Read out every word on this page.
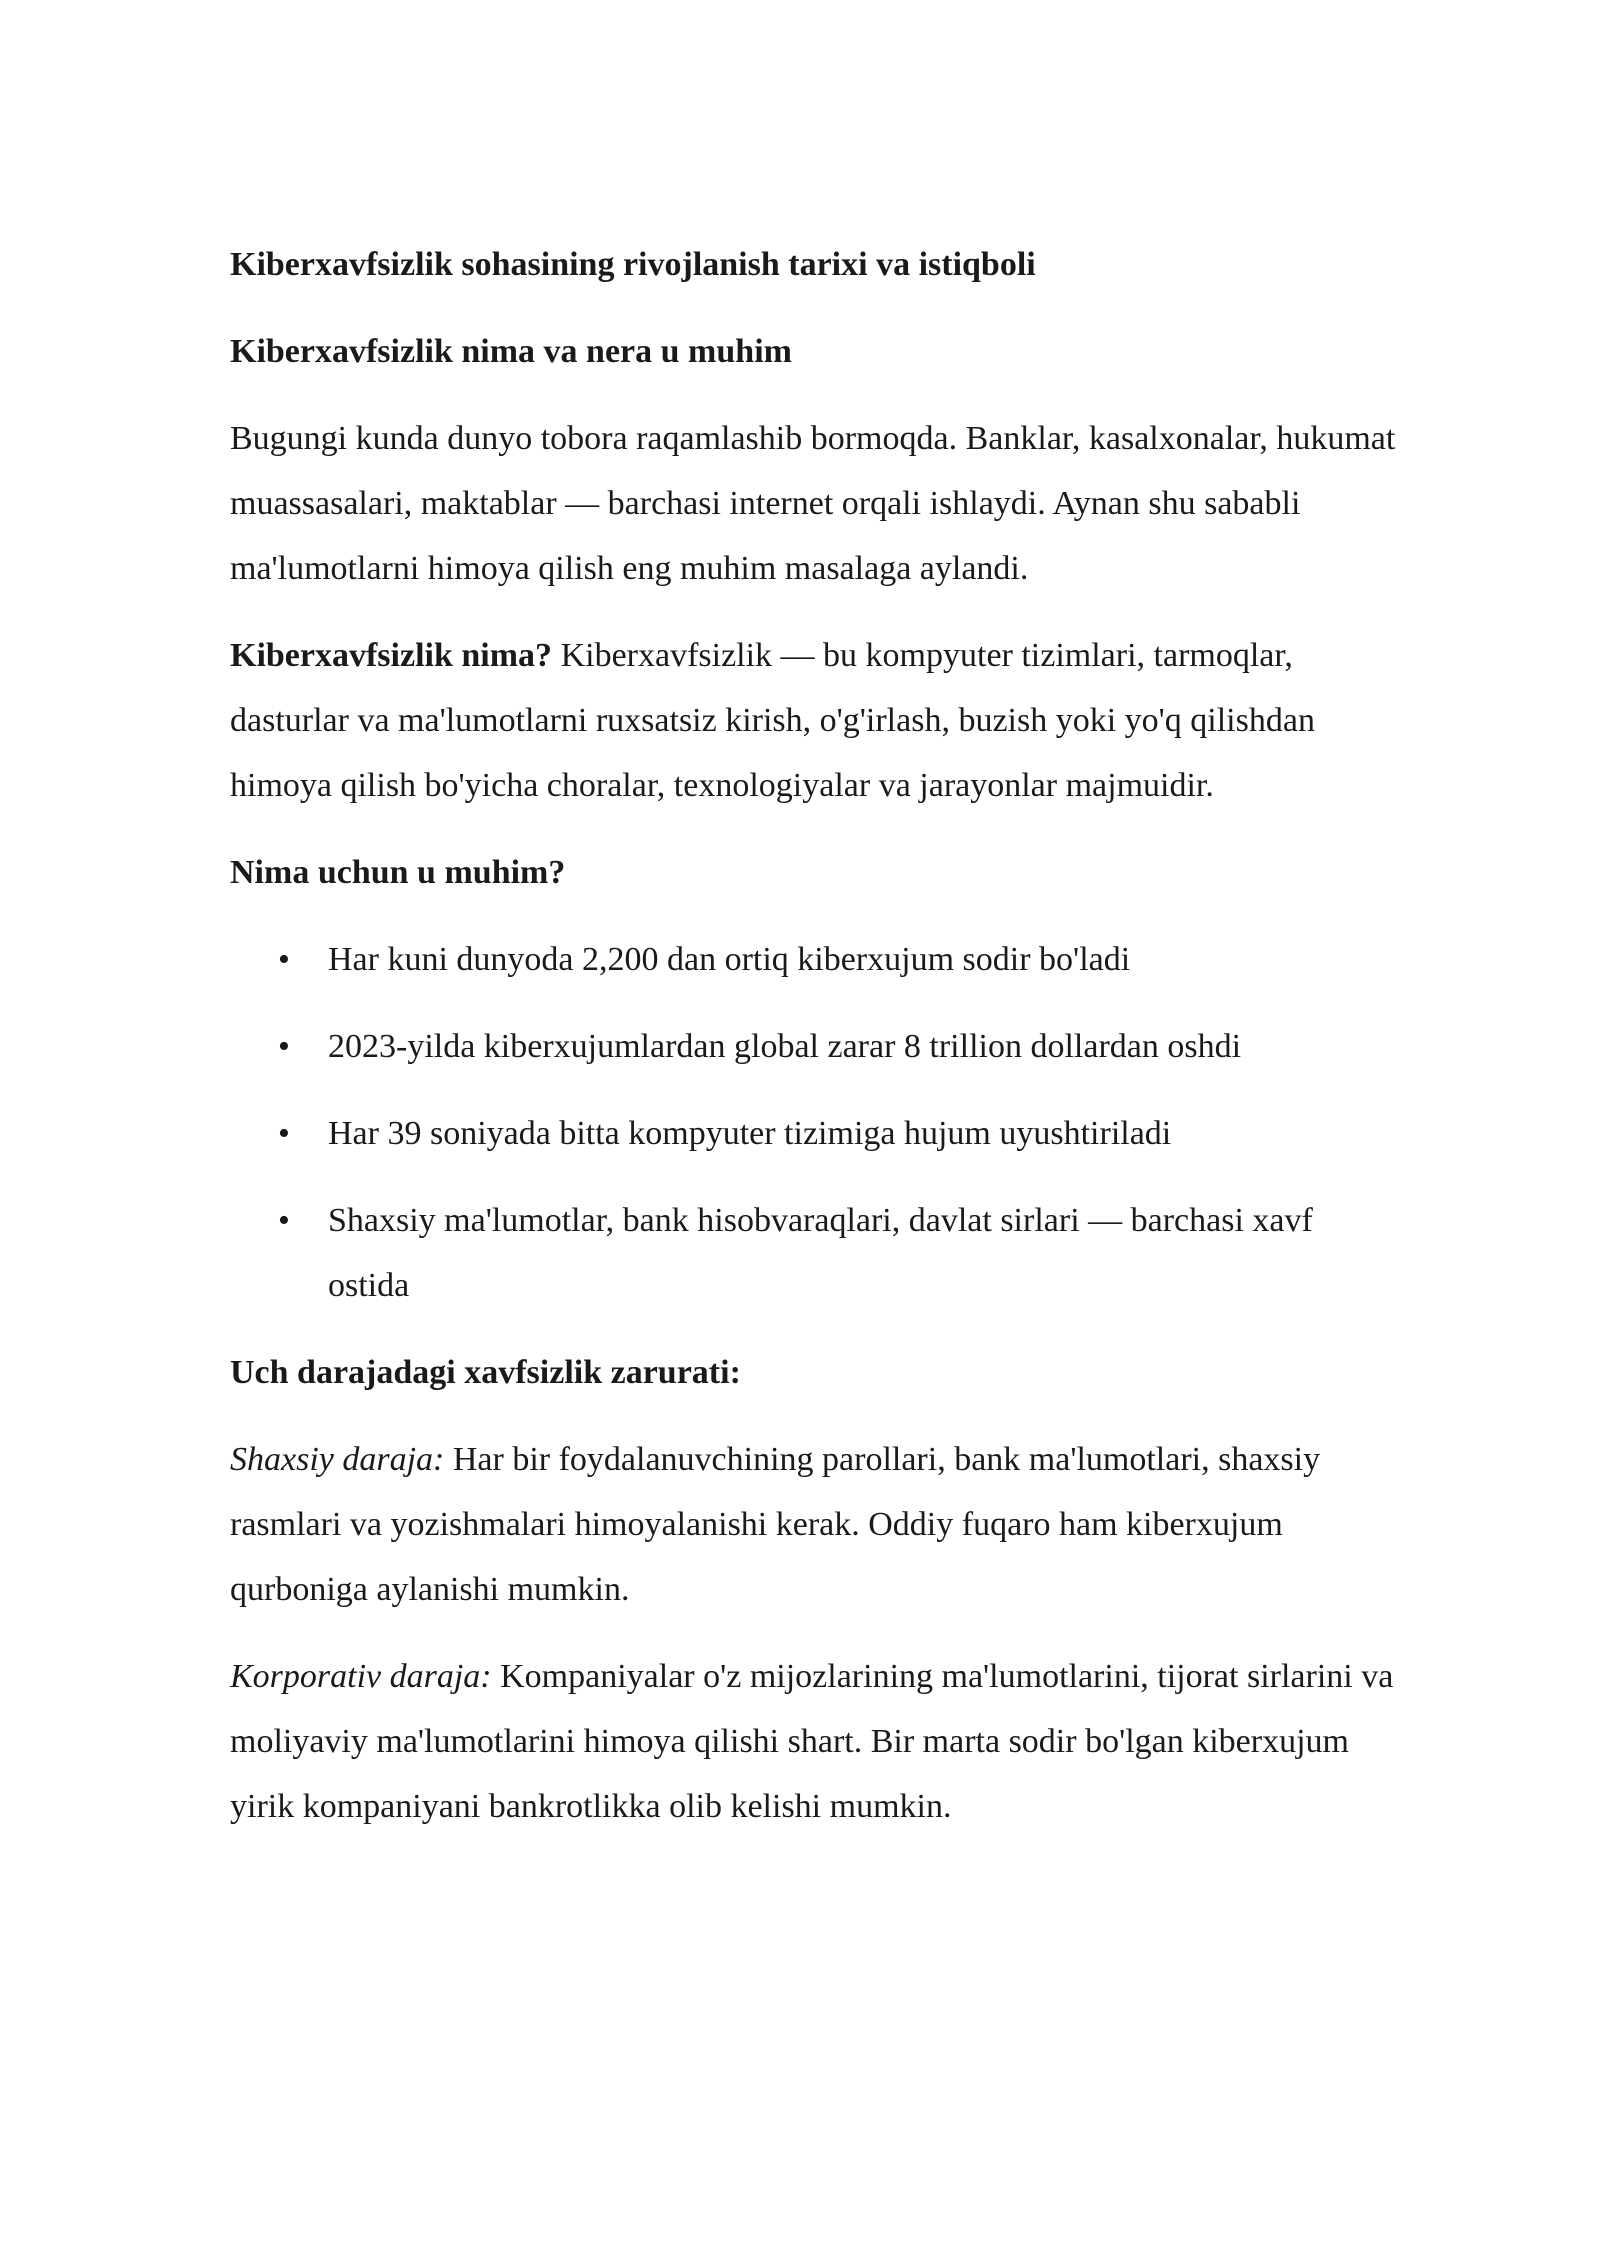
Kiberxavfsizlik sohasining rivojlanish tarixi va istiqboli
Kiberxavfsizlik nima va nera u muhim
Bugungi kunda dunyo tobora raqamlashib bormoqda. Banklar, kasalxonalar, hukumat muassasalari, maktablar — barchasi internet orqali ishlaydi. Aynan shu sababli ma'lumotlarni himoya qilish eng muhim masalaga aylandi.
Kiberxavfsizlik nima? Kiberxavfsizlik — bu kompyuter tizimlari, tarmoqlar, dasturlar va ma'lumotlarni ruxsatsiz kirish, o'g'irlash, buzish yoki yo'q qilishdan himoya qilish bo'yicha choralar, texnologiyalar va jarayonlar majmuidir.
Nima uchun u muhim?
• Har kuni dunyoda 2,200 dan ortiq kiberxujum sodir bo'ladi
• 2023-yilda kiberxujumlardan global zarar 8 trillion dollardan oshdi
• Har 39 soniyada bitta kompyuter tizimiga hujum uyushtiriladi
• Shaxsiy ma'lumotlar, bank hisobvaraqlari, davlat sirlari — barchasi xavf ostida
Uch darajadagi xavfsizlik zarurati:
Shaxsiy daraja: Har bir foydalanuvchining parollari, bank ma'lumotlari, shaxsiy rasmlari va yozishmalari himoyalanishi kerak. Oddiy fuqaro ham kiberxujum qurboniga aylanishi mumkin.
Korporativ daraja: Kompaniyalar o'z mijozlarining ma'lumotlarini, tijorat sirlarini va moliyaviy ma'lumotlarini himoya qilishi shart. Bir marta sodir bo'lgan kiberxujum yirik kompaniyani bankrotlikka olib kelishi mumkin.
